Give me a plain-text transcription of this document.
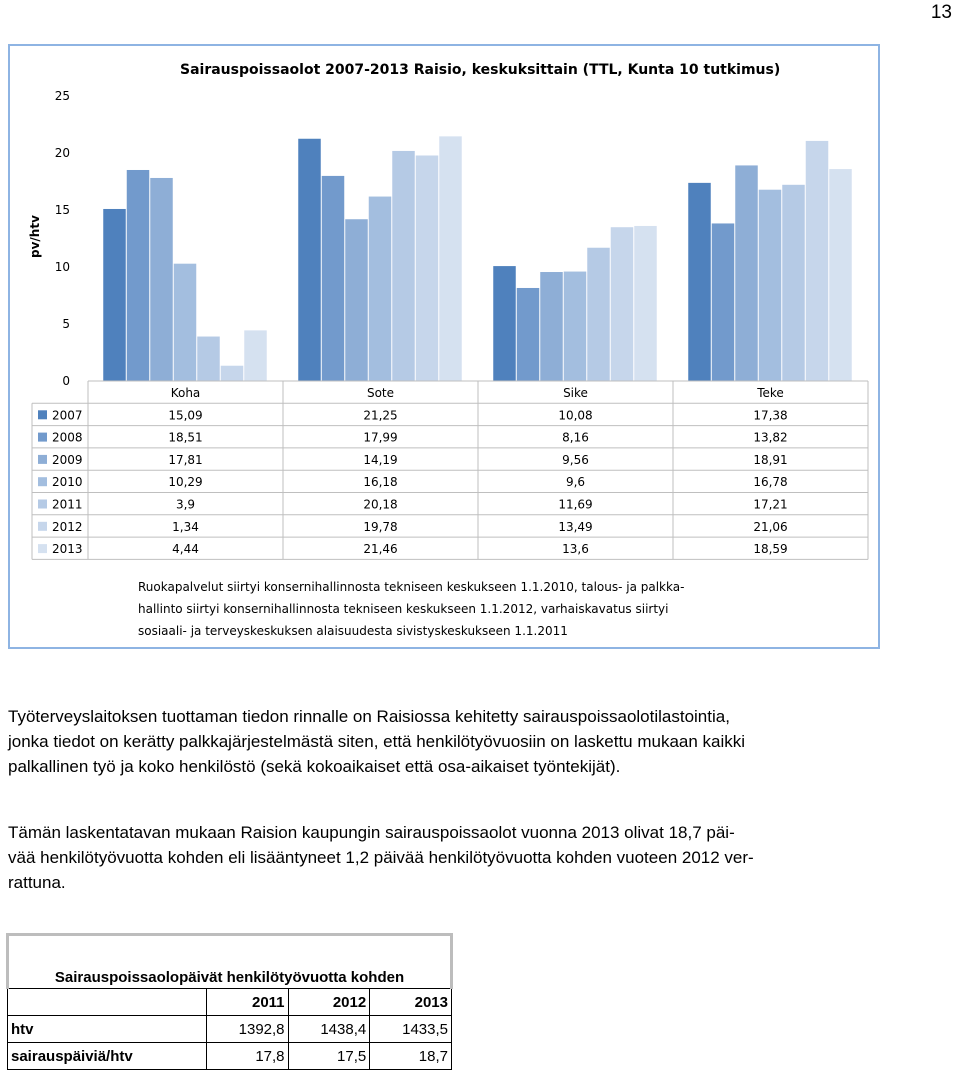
13
0
5
10
15
20
25
Koha	Sote	Sike	Teke
2007	15,09	21,25	10,08	17,38
2008	18,51	17,99	8,16	13,82
2009	17,81	14,19	9,56	18,91
2010	10,29	16,18	9,6	16,78
2011	3,9	20,18	11,69	17,21
2012	1,34	19,78	13,49	21,06
2013	4,44	21,46	13,6	18,59
Sairauspoissaolot 2007-2013 Raisio, keskuksittain (TTL, Kunta 10 tutkimus)
pv/htv
Ruokapalvelut siirtyi konsernihallinnosta tekniseen keskukseen 1.1.2010, talous- ja palkka-
hallinto siirtyi konsernihallinnosta tekniseen keskukseen 1.1.2012, varhaiskavatus siirtyi
sosiaali- ja terveyskeskuksen alaisuudesta sivistyskeskukseen 1.1.2011
Työterveyslaitoksen tuottaman tiedon rinnalle on Raisiossa kehitetty sairauspoissaolotilastointia,
jonka tiedot on kerätty palkkajärjestelmästä siten, että henkilötyövuosiin on laskettu mukaan kaikki
palkallinen työ ja koko henkilöstö (sekä kokoaikaiset että osa-aikaiset työntekijät).
Tämän laskentatavan mukaan Raision kaupungin sairauspoissaolot vuonna 2013 olivat 18,7 päi-
vää henkilötyövuotta kohden eli lisääntyneet 1,2 päivää henkilötyövuotta kohden vuoteen 2012 ver-
rattuna.
Sairauspoissaolopäivät henkilötyövuotta kohden			
	2011	2012	2013
htv	1392,8	1438,4	1433,5
sairauspäiviä/htv	17,8	17,5	18,7
